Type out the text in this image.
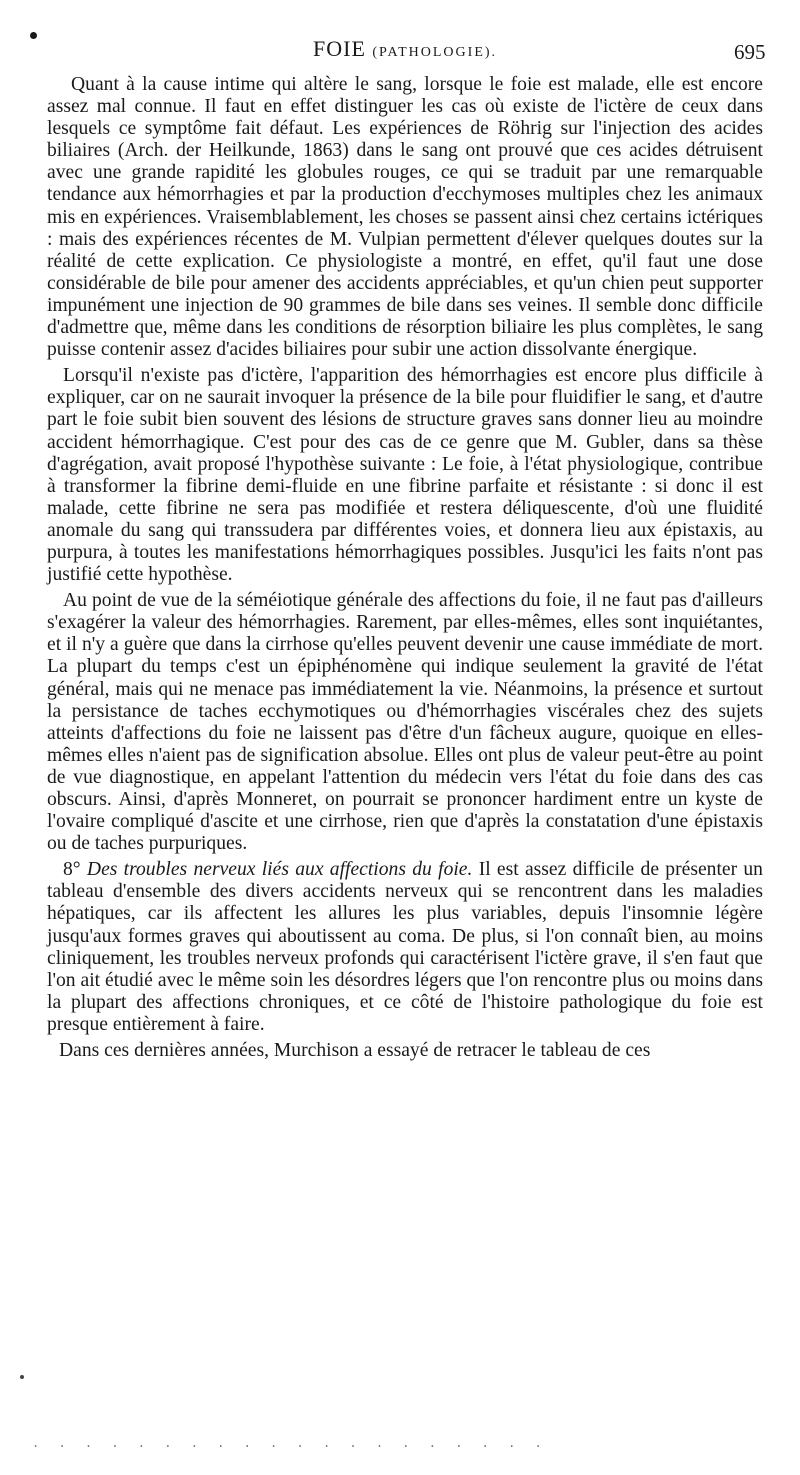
FOIE (PATHOLOGIE).	695

Quant à la cause intime qui altère le sang, lorsque le foie est malade, elle est encore assez mal connue. Il faut en effet distinguer les cas où existe de l'ictère de ceux dans lesquels ce symptôme fait défaut. Les expériences de Röhrig sur l'injection des acides biliaires (Arch. der Heilkunde, 1863) dans le sang ont prouvé que ces acides détruisent avec une grande rapidité les globules rouges, ce qui se traduit par une remarquable tendance aux hémorrhagies et par la production d'ecchymoses multiples chez les animaux mis en expériences. Vraisemblablement, les choses se passent ainsi chez certains ictériques : mais des expériences récentes de M. Vulpian permettent d'élever quelques doutes sur la réalité de cette explication. Ce physiologiste a montré, en effet, qu'il faut une dose considérable de bile pour amener des accidents appréciables, et qu'un chien peut supporter impunément une injection de 90 grammes de bile dans ses veines. Il semble donc difficile d'admettre que, même dans les conditions de résorption biliaire les plus complètes, le sang puisse contenir assez d'acides biliaires pour subir une action dissolvante énergique.

Lorsqu'il n'existe pas d'ictère, l'apparition des hémorrhagies est encore plus difficile à expliquer, car on ne saurait invoquer la présence de la bile pour fluidifier le sang, et d'autre part le foie subit bien souvent des lésions de structure graves sans donner lieu au moindre accident hémorrhagique. C'est pour des cas de ce genre que M. Gubler, dans sa thèse d'agrégation, avait proposé l'hypothèse suivante : Le foie, à l'état physiologique, contribue à transformer la fibrine demi-fluide en une fibrine parfaite et résistante : si donc il est malade, cette fibrine ne sera pas modifiée et restera déliquescente, d'où une fluidité anomale du sang qui transsudera par différentes voies, et donnera lieu aux épistaxis, au purpura, à toutes les manifestations hémorrhagiques possibles. Jusqu'ici les faits n'ont pas justifié cette hypothèse.

Au point de vue de la séméiotique générale des affections du foie, il ne faut pas d'ailleurs s'exagérer la valeur des hémorrhagies. Rarement, par elles-mêmes, elles sont inquiétantes, et il n'y a guère que dans la cirrhose qu'elles peuvent devenir une cause immédiate de mort. La plupart du temps c'est un épiphénomène qui indique seulement la gravité de l'état général, mais qui ne menace pas immédiatement la vie. Néanmoins, la présence et surtout la persistance de taches ecchymotiques ou d'hémorrhagies viscérales chez des sujets atteints d'affections du foie ne laissent pas d'être d'un fâcheux augure, quoique en elles-mêmes elles n'aient pas de signification absolue. Elles ont plus de valeur peut-être au point de vue diagnostique, en appelant l'attention du médecin vers l'état du foie dans des cas obscurs. Ainsi, d'après Monneret, on pourrait se prononcer hardiment entre un kyste de l'ovaire compliqué d'ascite et une cirrhose, rien que d'après la constatation d'une épistaxis ou de taches purpuriques.

8° Des troubles nerveux liés aux affections du foie. Il est assez difficile de présenter un tableau d'ensemble des divers accidents nerveux qui se rencontrent dans les maladies hépatiques, car ils affectent les allures les plus variables, depuis l'insomnie légère jusqu'aux formes graves qui aboutissent au coma. De plus, si l'on connaît bien, au moins cliniquement, les troubles nerveux profonds qui caractérisent l'ictère grave, il s'en faut que l'on ait étudié avec le même soin les désordres légers que l'on rencontre plus ou moins dans la plupart des affections chroniques, et ce côté de l'histoire pathologique du foie est presque entièrement à faire.

Dans ces dernières années, Murchison a essayé de retracer le tableau de ces

. . . . . . . . . . . . . . . . . . . .
